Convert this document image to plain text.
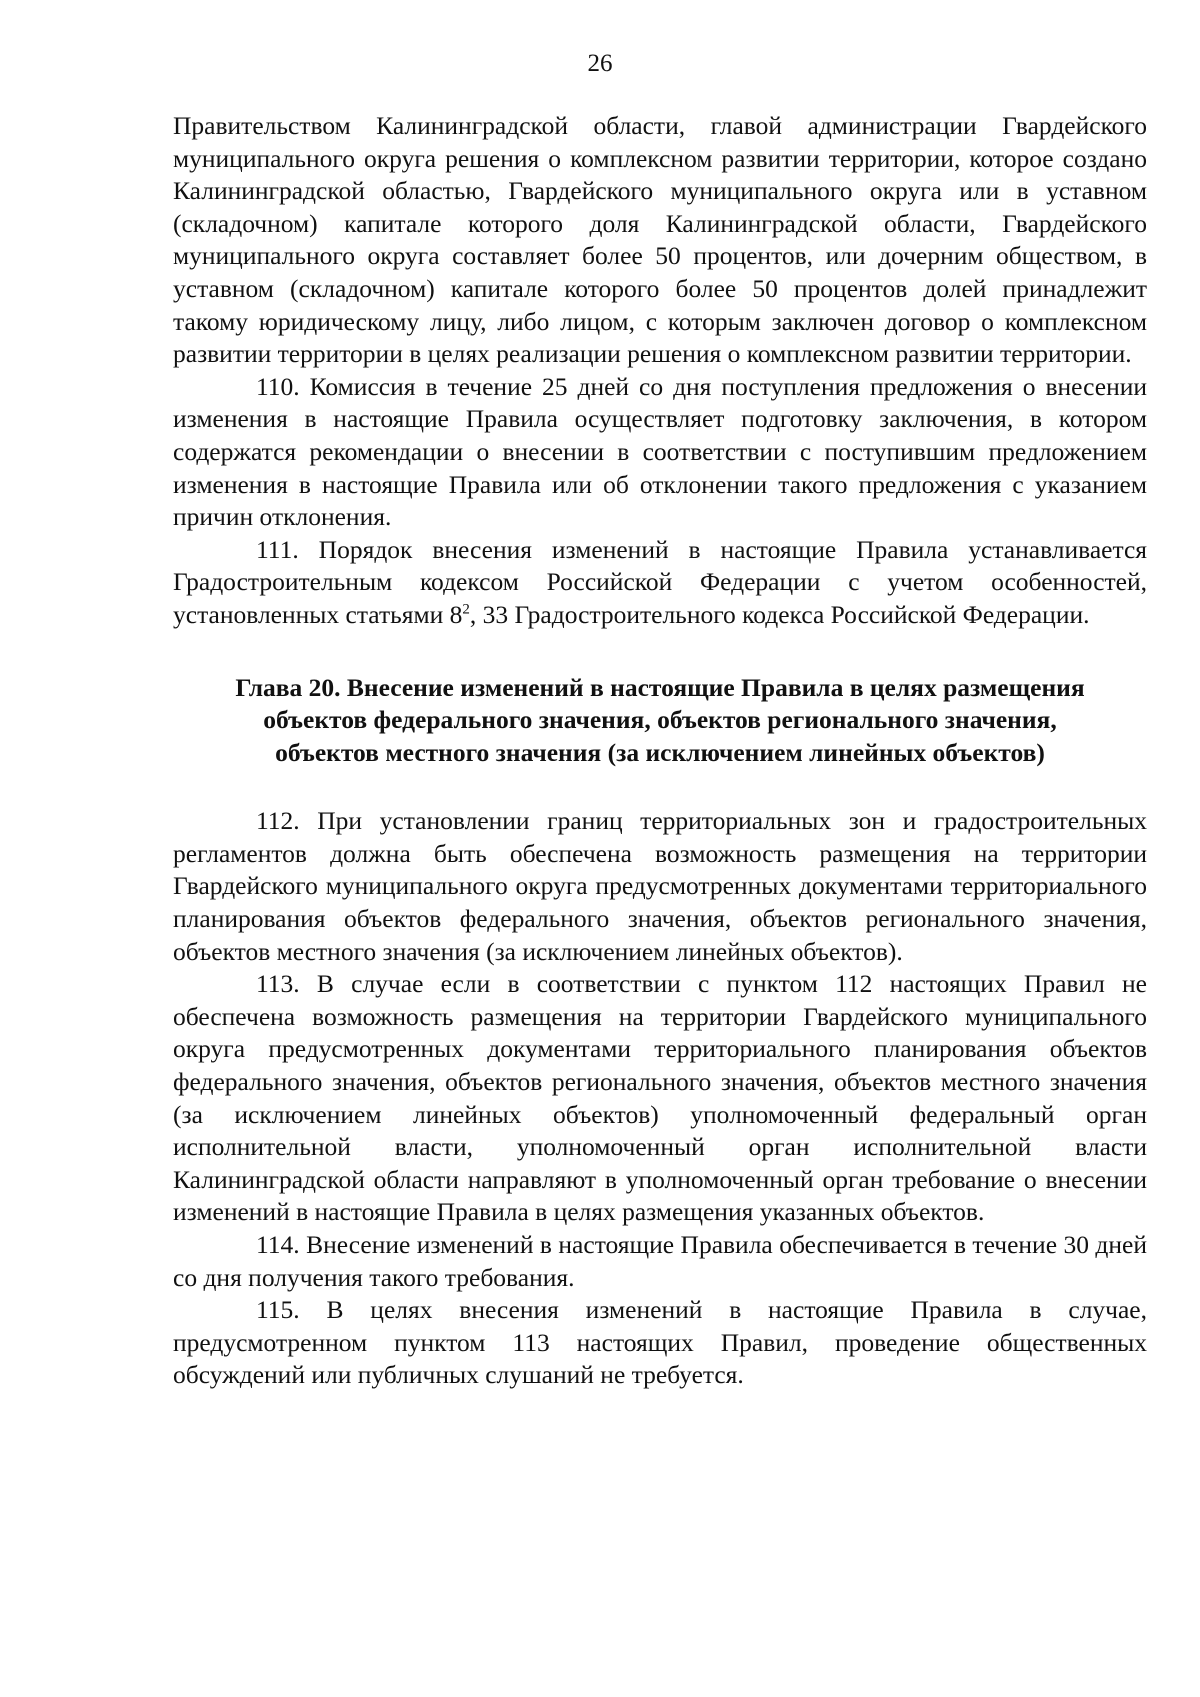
26

Правительством Калининградской области, главой администрации Гвардейского муниципального округа решения о комплексном развитии территории, которое создано Калининградской областью, Гвардейского муниципального округа или в уставном (складочном) капитале которого доля Калининградской области, Гвардейского муниципального округа составляет более 50 процентов, или дочерним обществом, в уставном (складочном) капитале которого более 50 процентов долей принадлежит такому юридическому лицу, либо лицом, с которым заключен договор о комплексном развитии территории в целях реализации решения о комплексном развитии территории.

110. Комиссия в течение 25 дней со дня поступления предложения о внесении изменения в настоящие Правила осуществляет подготовку заключения, в котором содержатся рекомендации о внесении в соответствии с поступившим предложением изменения в настоящие Правила или об отклонении такого предложения с указанием причин отклонения.

111. Порядок внесения изменений в настоящие Правила устанавливается Градостроительным кодексом Российской Федерации с учетом особенностей, установленных статьями $8^2$, 33 Градостроительного кодекса Российской Федерации.

Глава 20. Внесение изменений в настоящие Правила в целях размещения

объектов федерального значения, объектов регионального значения,

объектов местного значения (за исключением линейных объектов)

112. При установлении границ территориальных зон и градостроительных регламентов должна быть обеспечена возможность размещения на территории Гвардейского муниципального округа предусмотренных документами территориального планирования объектов федерального значения, объектов регионального значения, объектов местного значения (за исключением линейных объектов).

113. В случае если в соответствии с пунктом 112 настоящих Правил не обеспечена возможность размещения на территории Гвардейского муниципального округа предусмотренных документами территориального планирования объектов федерального значения, объектов регионального значения, объектов местного значения (за исключением линейных объектов) уполномоченный федеральный орган исполнительной власти, уполномоченный орган исполнительной власти Калининградской области направляют в уполномоченный орган требование о внесении изменений в настоящие Правила в целях размещения указанных объектов.

114. Внесение изменений в настоящие Правила обеспечивается в течение 30 дней со дня получения такого требования.

115. В целях внесения изменений в настоящие Правила в случае, предусмотренном пунктом 113 настоящих Правил, проведение общественных обсуждений или публичных слушаний не требуется.
